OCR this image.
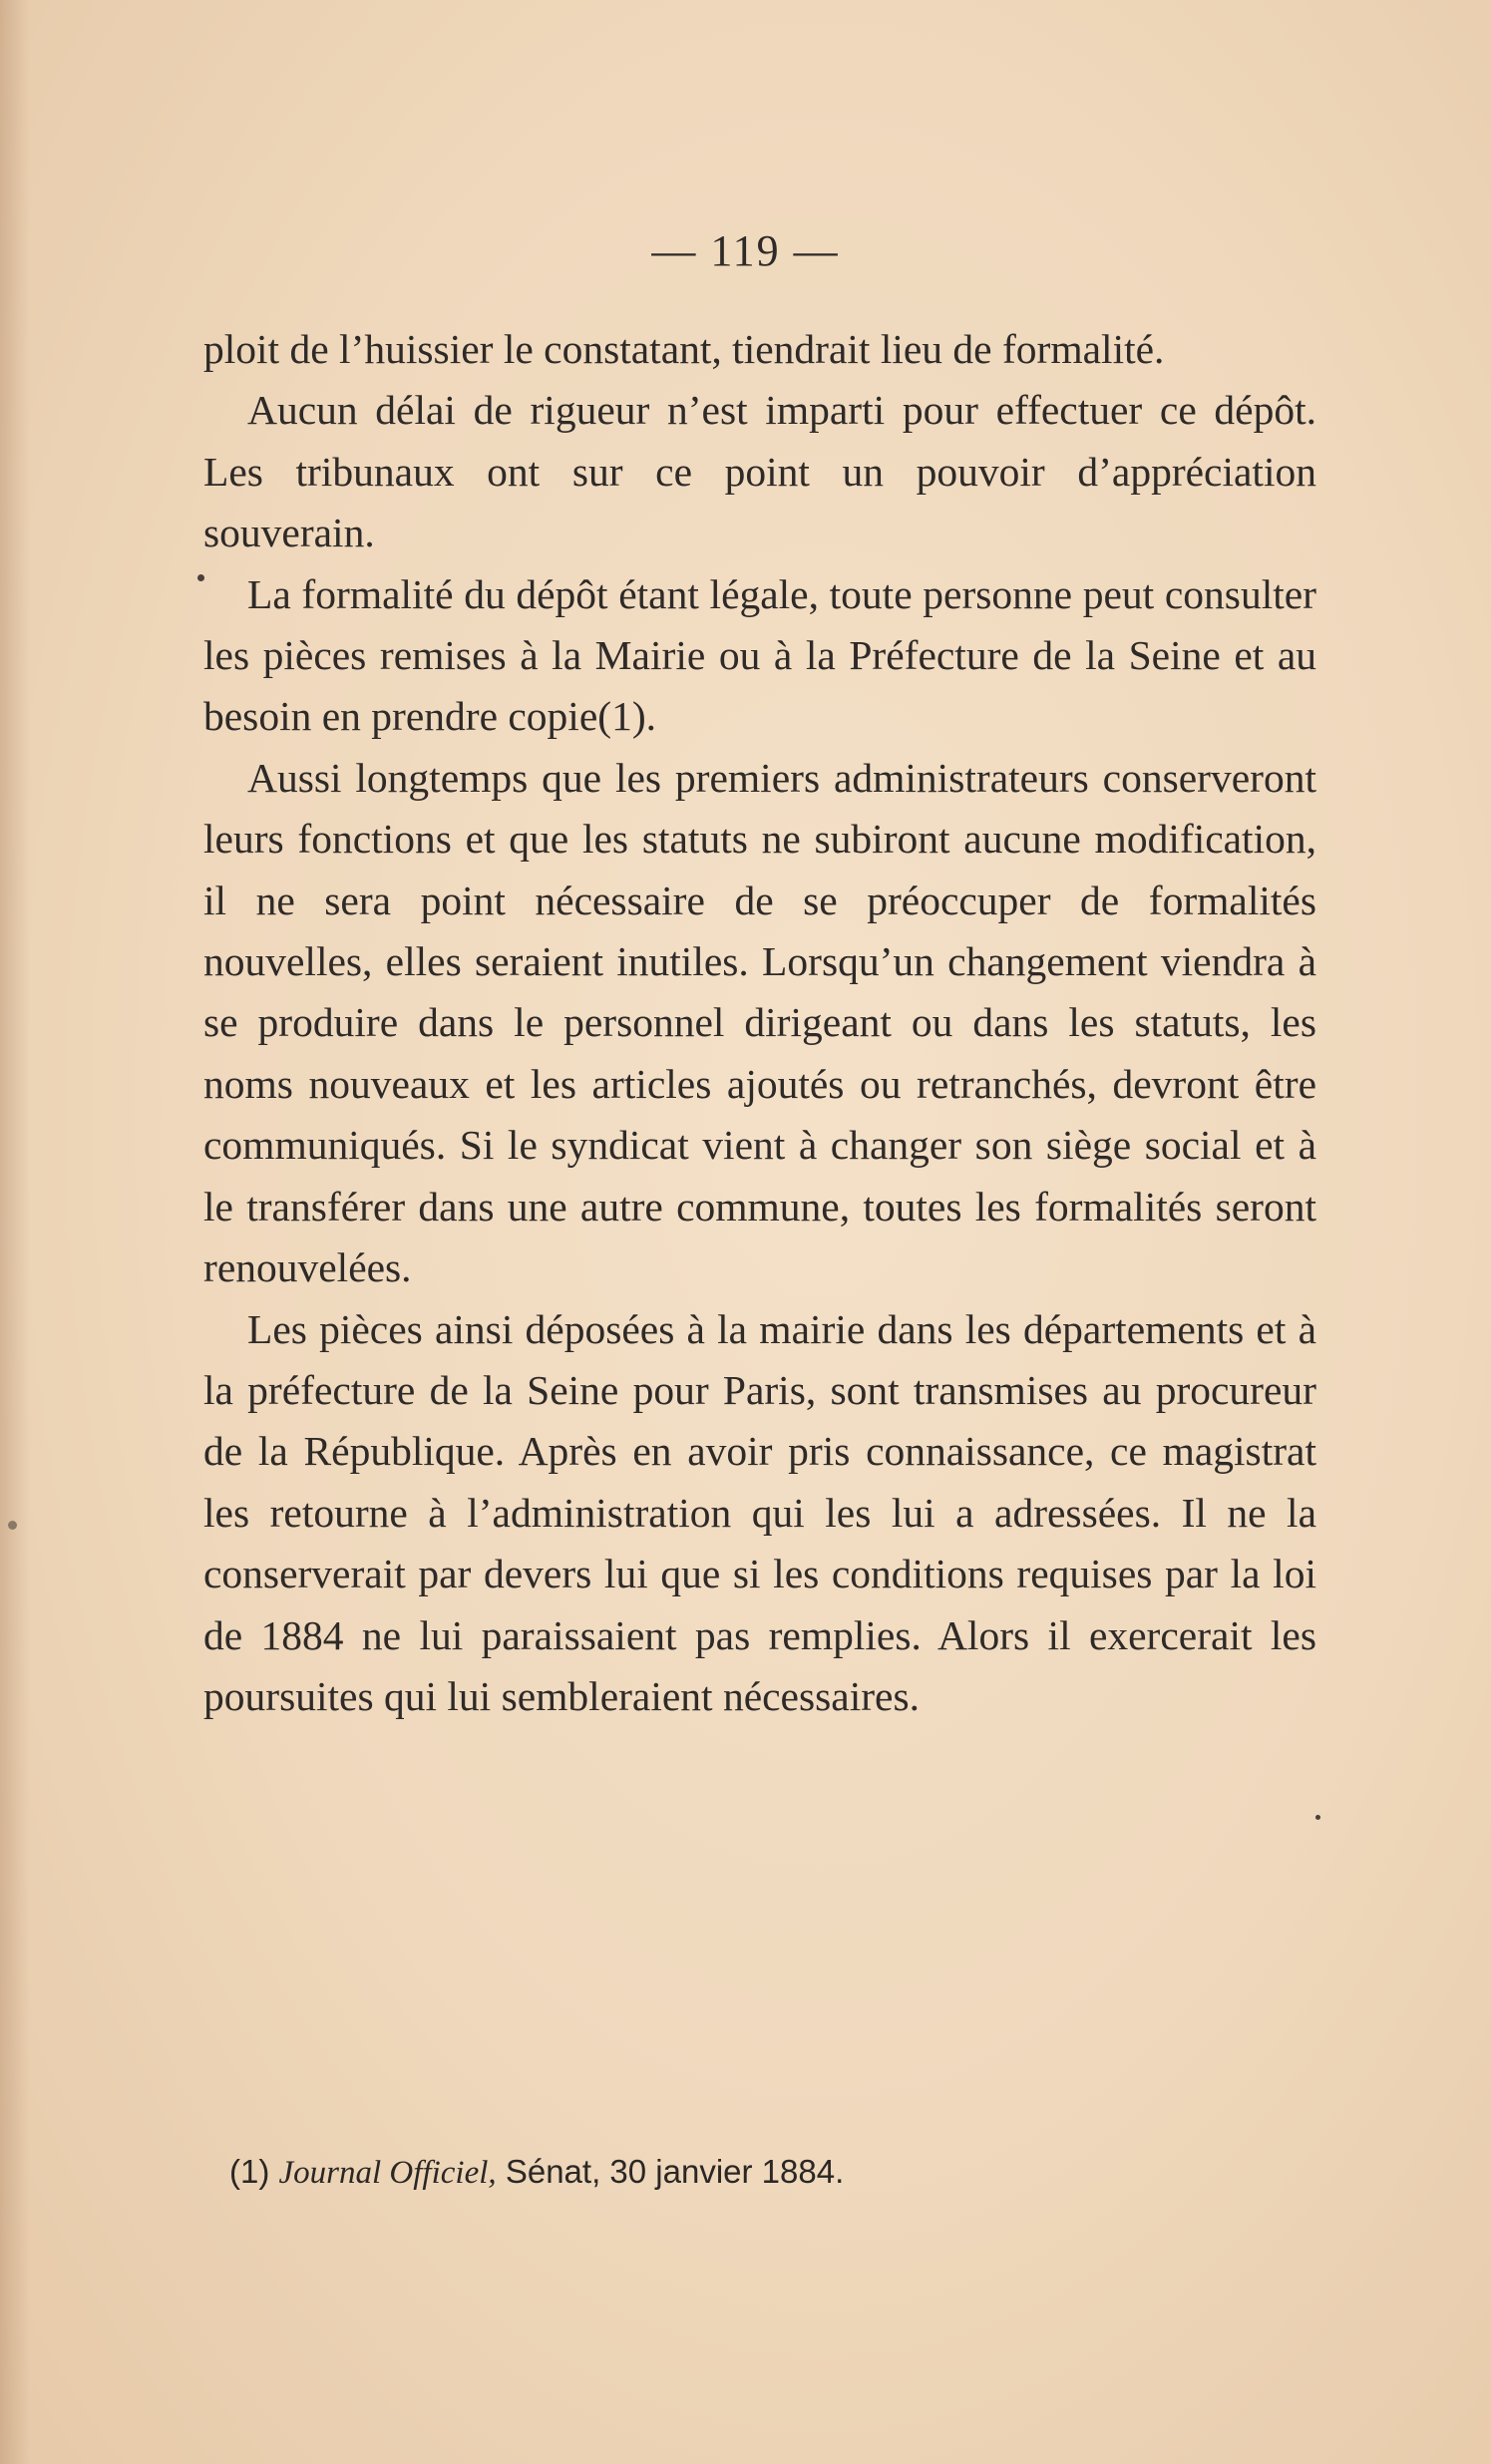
— 119 —

ploit de l’huissier le constatant, tiendrait lieu de formalité.

Aucun délai de rigueur n’est imparti pour effectuer ce dépôt. Les tribunaux ont sur ce point un pouvoir d’appréciation souverain.

La formalité du dépôt étant légale, toute personne peut consulter les pièces remises à la Mairie ou à la Préfecture de la Seine et au besoin en prendre copie(1).

Aussi longtemps que les premiers administrateurs conserveront leurs fonctions et que les statuts ne subiront aucune modification, il ne sera point nécessaire de se préoccuper de formalités nouvelles, elles seraient inutiles. Lorsqu’un changement viendra à se produire dans le personnel dirigeant ou dans les statuts, les noms nouveaux et les articles ajoutés ou retranchés, devront être communiqués. Si le syndicat vient à changer son siège social et à le transférer dans une autre commune, toutes les formalités seront renouvelées.

Les pièces ainsi déposées à la mairie dans les départements et à la préfecture de la Seine pour Paris, sont transmises au procureur de la République. Après en avoir pris connaissance, ce magistrat les retourne à l’administration qui les lui a adressées. Il ne la conserverait par devers lui que si les conditions requises par la loi de 1884 ne lui paraissaient pas remplies. Alors il exercerait les poursuites qui lui sembleraient nécessaires.

(1) Journal Officiel, Sénat, 30 janvier 1884.
